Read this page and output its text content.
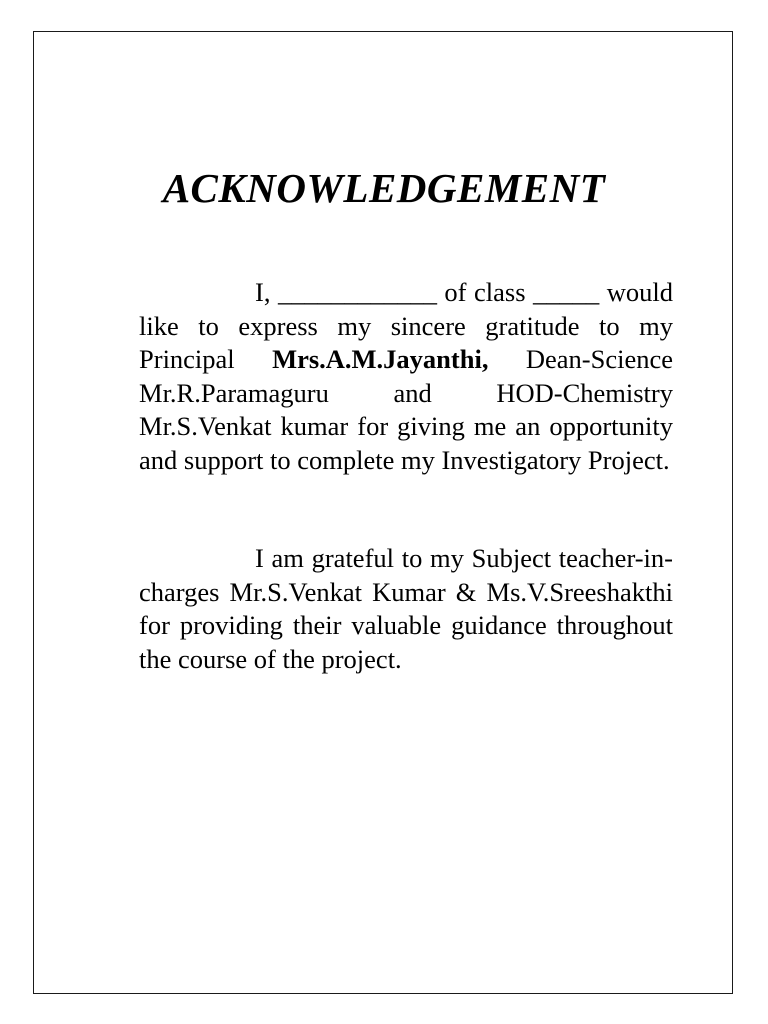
ACKNOWLEDGEMENT

I, ____________ of class _____ would like to express my sincere gratitude to my Principal Mrs.A.M.Jayanthi, Dean-Science Mr.R.Paramaguru and HOD-Chemistry Mr.S.Venkat kumar for giving me an opportunity and support to complete my Investigatory Project.

I am grateful to my Subject teacher-in-charges Mr.S.Venkat Kumar & Ms.V.Sreeshakthi for providing their valuable guidance throughout the course of the project.
